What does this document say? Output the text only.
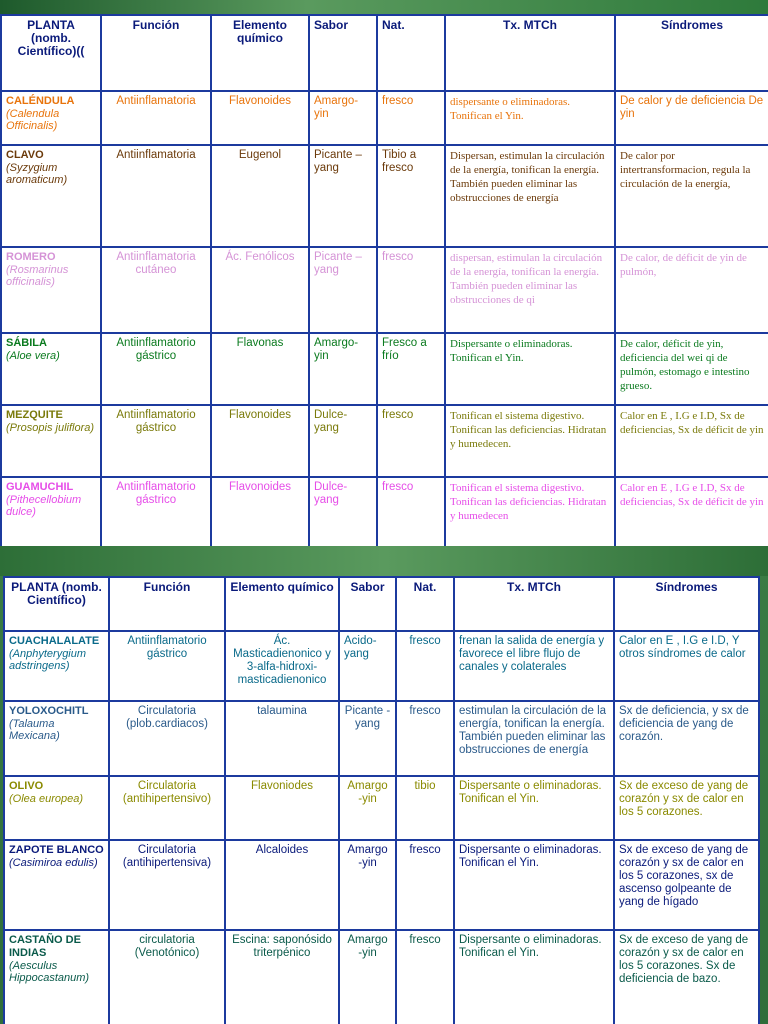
PLANTA (nomb. Científico)((	Función	Elemento químico	Sabor	Nat.	Tx. MTCh	Síndromes

CALÉNDULA
(Calendula Officinalis)	Antiinflamatoria	Flavonoides	Amargo-yin	fresco	dispersante o eliminadoras. Tonifican el Yin.	De calor y de deficiencia De yin

CLAVO
(Syzygium aromaticum)	Antiinflamatoria	Eugenol	Picante – yang	Tibio a fresco	Dispersan, estimulan la circulación de la energía, tonifican la energía. También pueden eliminar las obstrucciones de energía	De calor por intertransformacion, regula la circulación de la energía,

ROMERO
(Rosmarinus officinalis)	Antiinflamatoria cutáneo	Ác. Fenólicos	Picante – yang	fresco	dispersan, estimulan la circulación de la energía, tonifican la energía. También pueden eliminar las obstrucciones de qi	De calor, de déficit de yin de pulmón,

SÁBILA
(Aloe vera)	Antiinflamatorio gástrico	Flavonas	Amargo-yin	Fresco a frío	Dispersante o eliminadoras. Tonifican el Yin.	De calor, déficit de yin, deficiencia del wei qi de pulmón, estomago e intestino grueso.

MEZQUITE
(Prosopis juliflora)	Antiinflamatorio gástrico	Flavonoides	Dulce-yang	fresco	Tonifican el sistema digestivo. Tonifican las deficiencias. Hidratan y humedecen.	Calor en E , I.G e I.D, Sx de deficiencias, Sx de déficit de yin

GUAMUCHIL
(Pithecellobium dulce)	Antiinflamatorio gástrico	Flavonoides	Dulce-yang	fresco	Tonifican el sistema digestivo. Tonifican las deficiencias. Hidratan y humedecen	Calor en E , I.G e I.D, Sx de deficiencias, Sx de déficit de yin
PLANTA (nomb. Científico)	Función	Elemento químico	Sabor	Nat.	Tx. MTCh	Síndromes

CUACHALALATE
(Anphyterygium adstringens)	Antiinflamatorio gástrico	Ác. Masticadienonico y 3-alfa-hidroxi-masticadienonico	Acido-yang	fresco	frenan la salida de energía y favorece el libre flujo de canales y colaterales	Calor en E , I.G e I.D, Y otros síndromes de calor

YOLOXOCHITL
(Talauma Mexicana)	Circulatoria (plob.cardiacos)	talaumina	Picante -yang	fresco	estimulan la circulación de la energía, tonifican la energía. También pueden eliminar las obstrucciones de energía	Sx de deficiencia, y sx de deficiencia de yang de corazón.

OLIVO
(Olea europea)	Circulatoria (antihipertensivo)	Flavoniodes	Amargo -yin	tibio	Dispersante o eliminadoras. Tonifican el Yin.	Sx de exceso de yang de corazón y sx de calor en los 5 corazones.

ZAPOTE BLANCO
(Casimiroa edulis)	Circulatoria (antihipertensiva)	Alcaloides	Amargo -yin	fresco	Dispersante o eliminadoras. Tonifican el Yin.	Sx de exceso de yang de corazón y sx de calor en los 5 corazones, sx de ascenso golpeante de yang de hígado

CASTAÑO DE INDIAS
(Aesculus Hippocastanum)	circulatoria (Venotónico)	Escina: saponósido triterpénico	Amargo -yin	fresco	Dispersante o eliminadoras. Tonifican el Yin.	Sx de exceso de yang de corazón y sx de calor en los 5 corazones. Sx de deficiencia de bazo.
